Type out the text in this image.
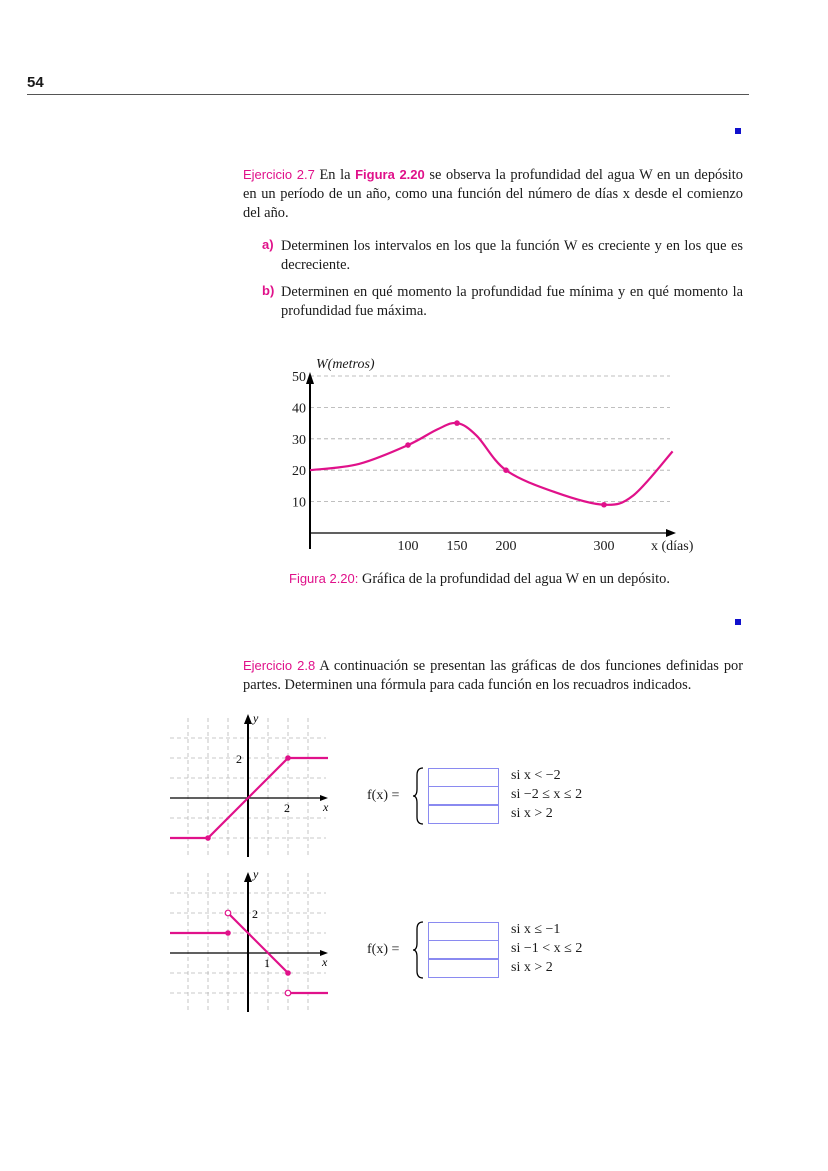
54
Ejercicio 2.7 En la Figura 2.20 se observa la profundidad del agua W en un depósito en un período de un año, como una función del número de días x desde el comienzo del año.
a) Determinen los intervalos en los que la función W es creciente y en los que es decreciente.
b) Determinen en qué momento la profundidad fue mínima y en qué momento la profundidad fue máxima.
10
20
30
40
50
100 150 200	300
W(metros)
x (días)
Figura 2.20: Gráfica de la profundidad del agua W en un depósito.
Ejercicio 2.8 A continuación se presentan las gráficas de dos funciones definidas por partes. Determinen una fórmula para cada función en los recuadros indicados.
y
x
2
2
f(x) =
si x < −2
si −2 ≤ x ≤ 2
si x > 2
y
x
2
1
f(x) =
si x ≤ −1
si −1 < x ≤ 2
si x > 2
